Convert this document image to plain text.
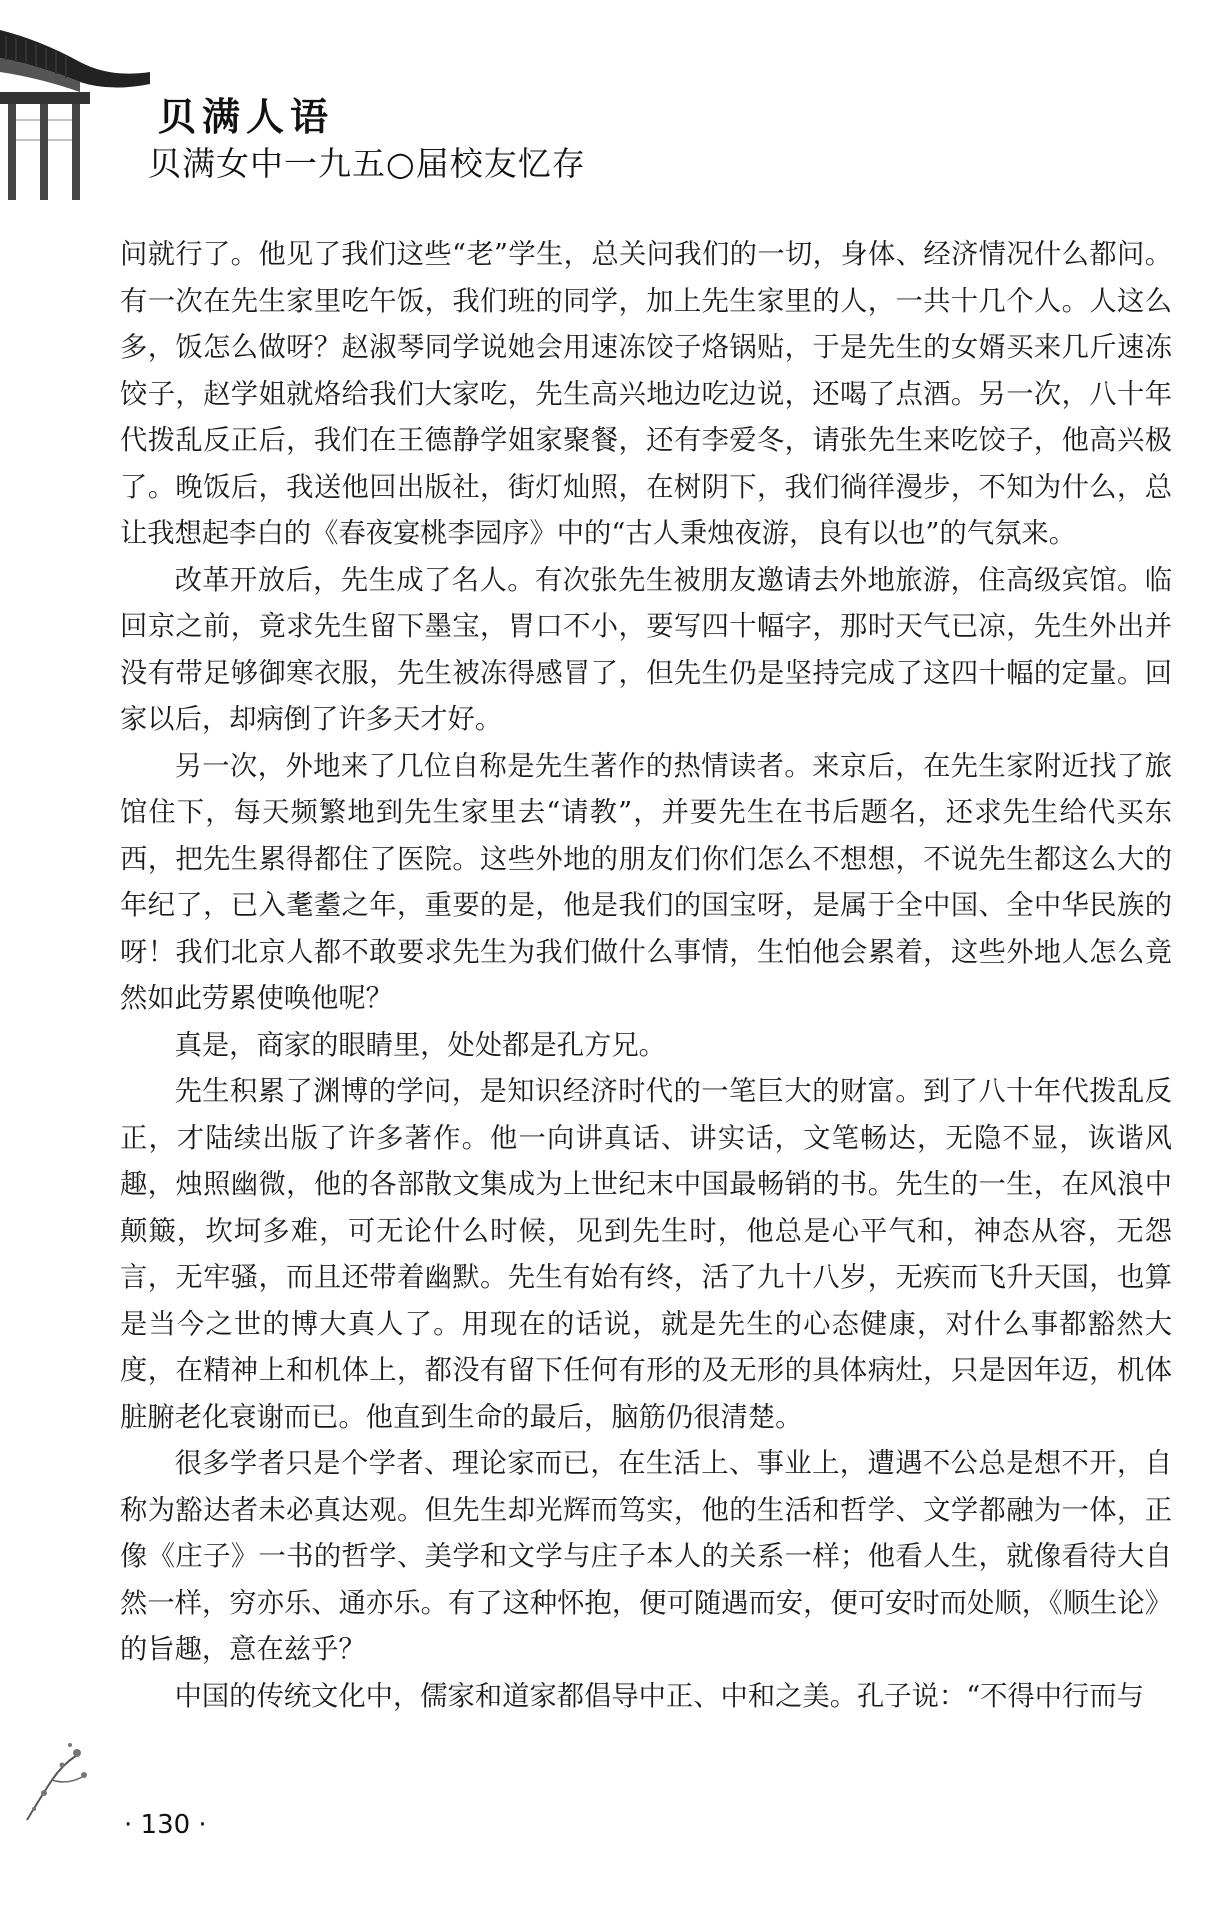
贝满人语
贝满女中一九五○届校友忆存

问就行了。他见了我们这些“老”学生，总关问我们的一切，身体、经济情况什么都问。有一次在先生家里吃午饭，我们班的同学，加上先生家里的人，一共十几个人。人这么多，饭怎么做呀？赵淑琴同学说她会用速冻饺子烙锅贴，于是先生的女婿买来几斤速冻饺子，赵学姐就烙给我们大家吃，先生高兴地边吃边说，还喝了点酒。另一次，八十年代拨乱反正后，我们在王德静学姐家聚餐，还有李爱冬，请张先生来吃饺子，他高兴极了。晚饭后，我送他回出版社，街灯灿照，在树阴下，我们徜徉漫步，不知为什么，总让我想起李白的《春夜宴桃李园序》中的“古人秉烛夜游，良有以也”的气氛来。

改革开放后，先生成了名人。有次张先生被朋友邀请去外地旅游，住高级宾馆。临回京之前，竟求先生留下墨宝，胃口不小，要写四十幅字，那时天气已凉，先生外出并没有带足够御寒衣服，先生被冻得感冒了，但先生仍是坚持完成了这四十幅的定量。回家以后，却病倒了许多天才好。

另一次，外地来了几位自称是先生著作的热情读者。来京后，在先生家附近找了旅馆住下，每天频繁地到先生家里去“请教”，并要先生在书后题名，还求先生给代买东西，把先生累得都住了医院。这些外地的朋友们你们怎么不想想，不说先生都这么大的年纪了，已入耄耋之年，重要的是，他是我们的国宝呀，是属于全中国、全中华民族的呀！我们北京人都不敢要求先生为我们做什么事情，生怕他会累着，这些外地人怎么竟然如此劳累使唤他呢？

真是，商家的眼睛里，处处都是孔方兄。

先生积累了渊博的学问，是知识经济时代的一笔巨大的财富。到了八十年代拨乱反正，才陆续出版了许多著作。他一向讲真话、讲实话，文笔畅达，无隐不显，诙谐风趣，烛照幽微，他的各部散文集成为上世纪末中国最畅销的书。先生的一生，在风浪中颠簸，坎坷多难，可无论什么时候，见到先生时，他总是心平气和，神态从容，无怨言，无牢骚，而且还带着幽默。先生有始有终，活了九十八岁，无疾而飞升天国，也算是当今之世的博大真人了。用现在的话说，就是先生的心态健康，对什么事都豁然大度，在精神上和机体上，都没有留下任何有形的及无形的具体病灶，只是因年迈，机体脏腑老化衰谢而已。他直到生命的最后，脑筋仍很清楚。

很多学者只是个学者、理论家而已，在生活上、事业上，遭遇不公总是想不开，自称为豁达者未必真达观。但先生却光辉而笃实，他的生活和哲学、文学都融为一体，正像《庄子》一书的哲学、美学和文学与庄子本人的关系一样；他看人生，就像看待大自然一样，穷亦乐、通亦乐。有了这种怀抱，便可随遇而安，便可安时而处顺，《顺生论》的旨趣，意在兹乎？

中国的传统文化中，儒家和道家都倡导中正、中和之美。孔子说：“不得中行而与

· 130 ·
